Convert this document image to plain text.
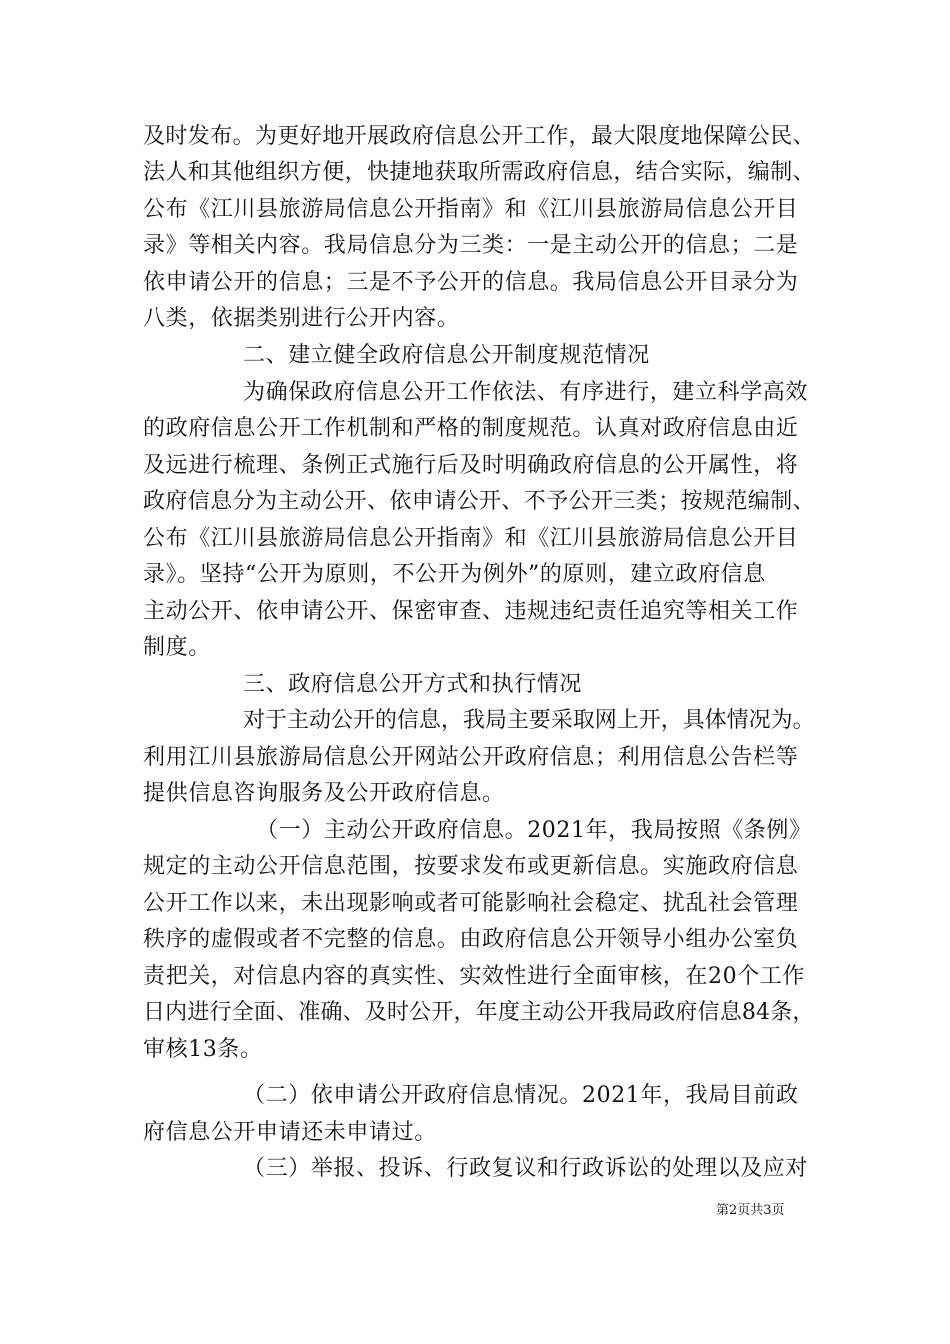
及时发布。为更好地开展政府信息公开工作，最大限度地保障公民、
法人和其他组织方便，快捷地获取所需政府信息，结合实际，编制、
公布《江川县旅游局信息公开指南》和《江川县旅游局信息公开目
录》等相关内容。我局信息分为三类：一是主动公开的信息；二是
依申请公开的信息；三是不予公开的信息。我局信息公开目录分为
八类，依据类别进行公开内容。
二、建立健全政府信息公开制度规范情况
为确保政府信息公开工作依法、有序进行，建立科学高效
的政府信息公开工作机制和严格的制度规范。认真对政府信息由近
及远进行梳理、条例正式施行后及时明确政府信息的公开属性，将
政府信息分为主动公开、依申请公开、不予公开三类；按规范编制、
公布《江川县旅游局信息公开指南》和《江川县旅游局信息公开目
录》。坚持“公开为原则，不公开为例外”的原则，建立政府信息
主动公开、依申请公开、保密审查、违规违纪责任追究等相关工作
制度。
三、政府信息公开方式和执行情况
对于主动公开的信息，我局主要采取网上开，具体情况为。
利用江川县旅游局信息公开网站公开政府信息；利用信息公告栏等
提供信息咨询服务及公开政府信息。
（一）主动公开政府信息。2021年，我局按照《条例》
规定的主动公开信息范围，按要求发布或更新信息。实施政府信息
公开工作以来，未出现影响或者可能影响社会稳定、扰乱社会管理
秩序的虚假或者不完整的信息。由政府信息公开领导小组办公室负
责把关，对信息内容的真实性、实效性进行全面审核，在20个工作
日内进行全面、准确、及时公开，年度主动公开我局政府信息84条，
审核13条。
（二）依申请公开政府信息情况。2021年，我局目前政
府信息公开申请还未申请过。
（三）举报、投诉、行政复议和行政诉讼的处理以及应对
第2页共3页
